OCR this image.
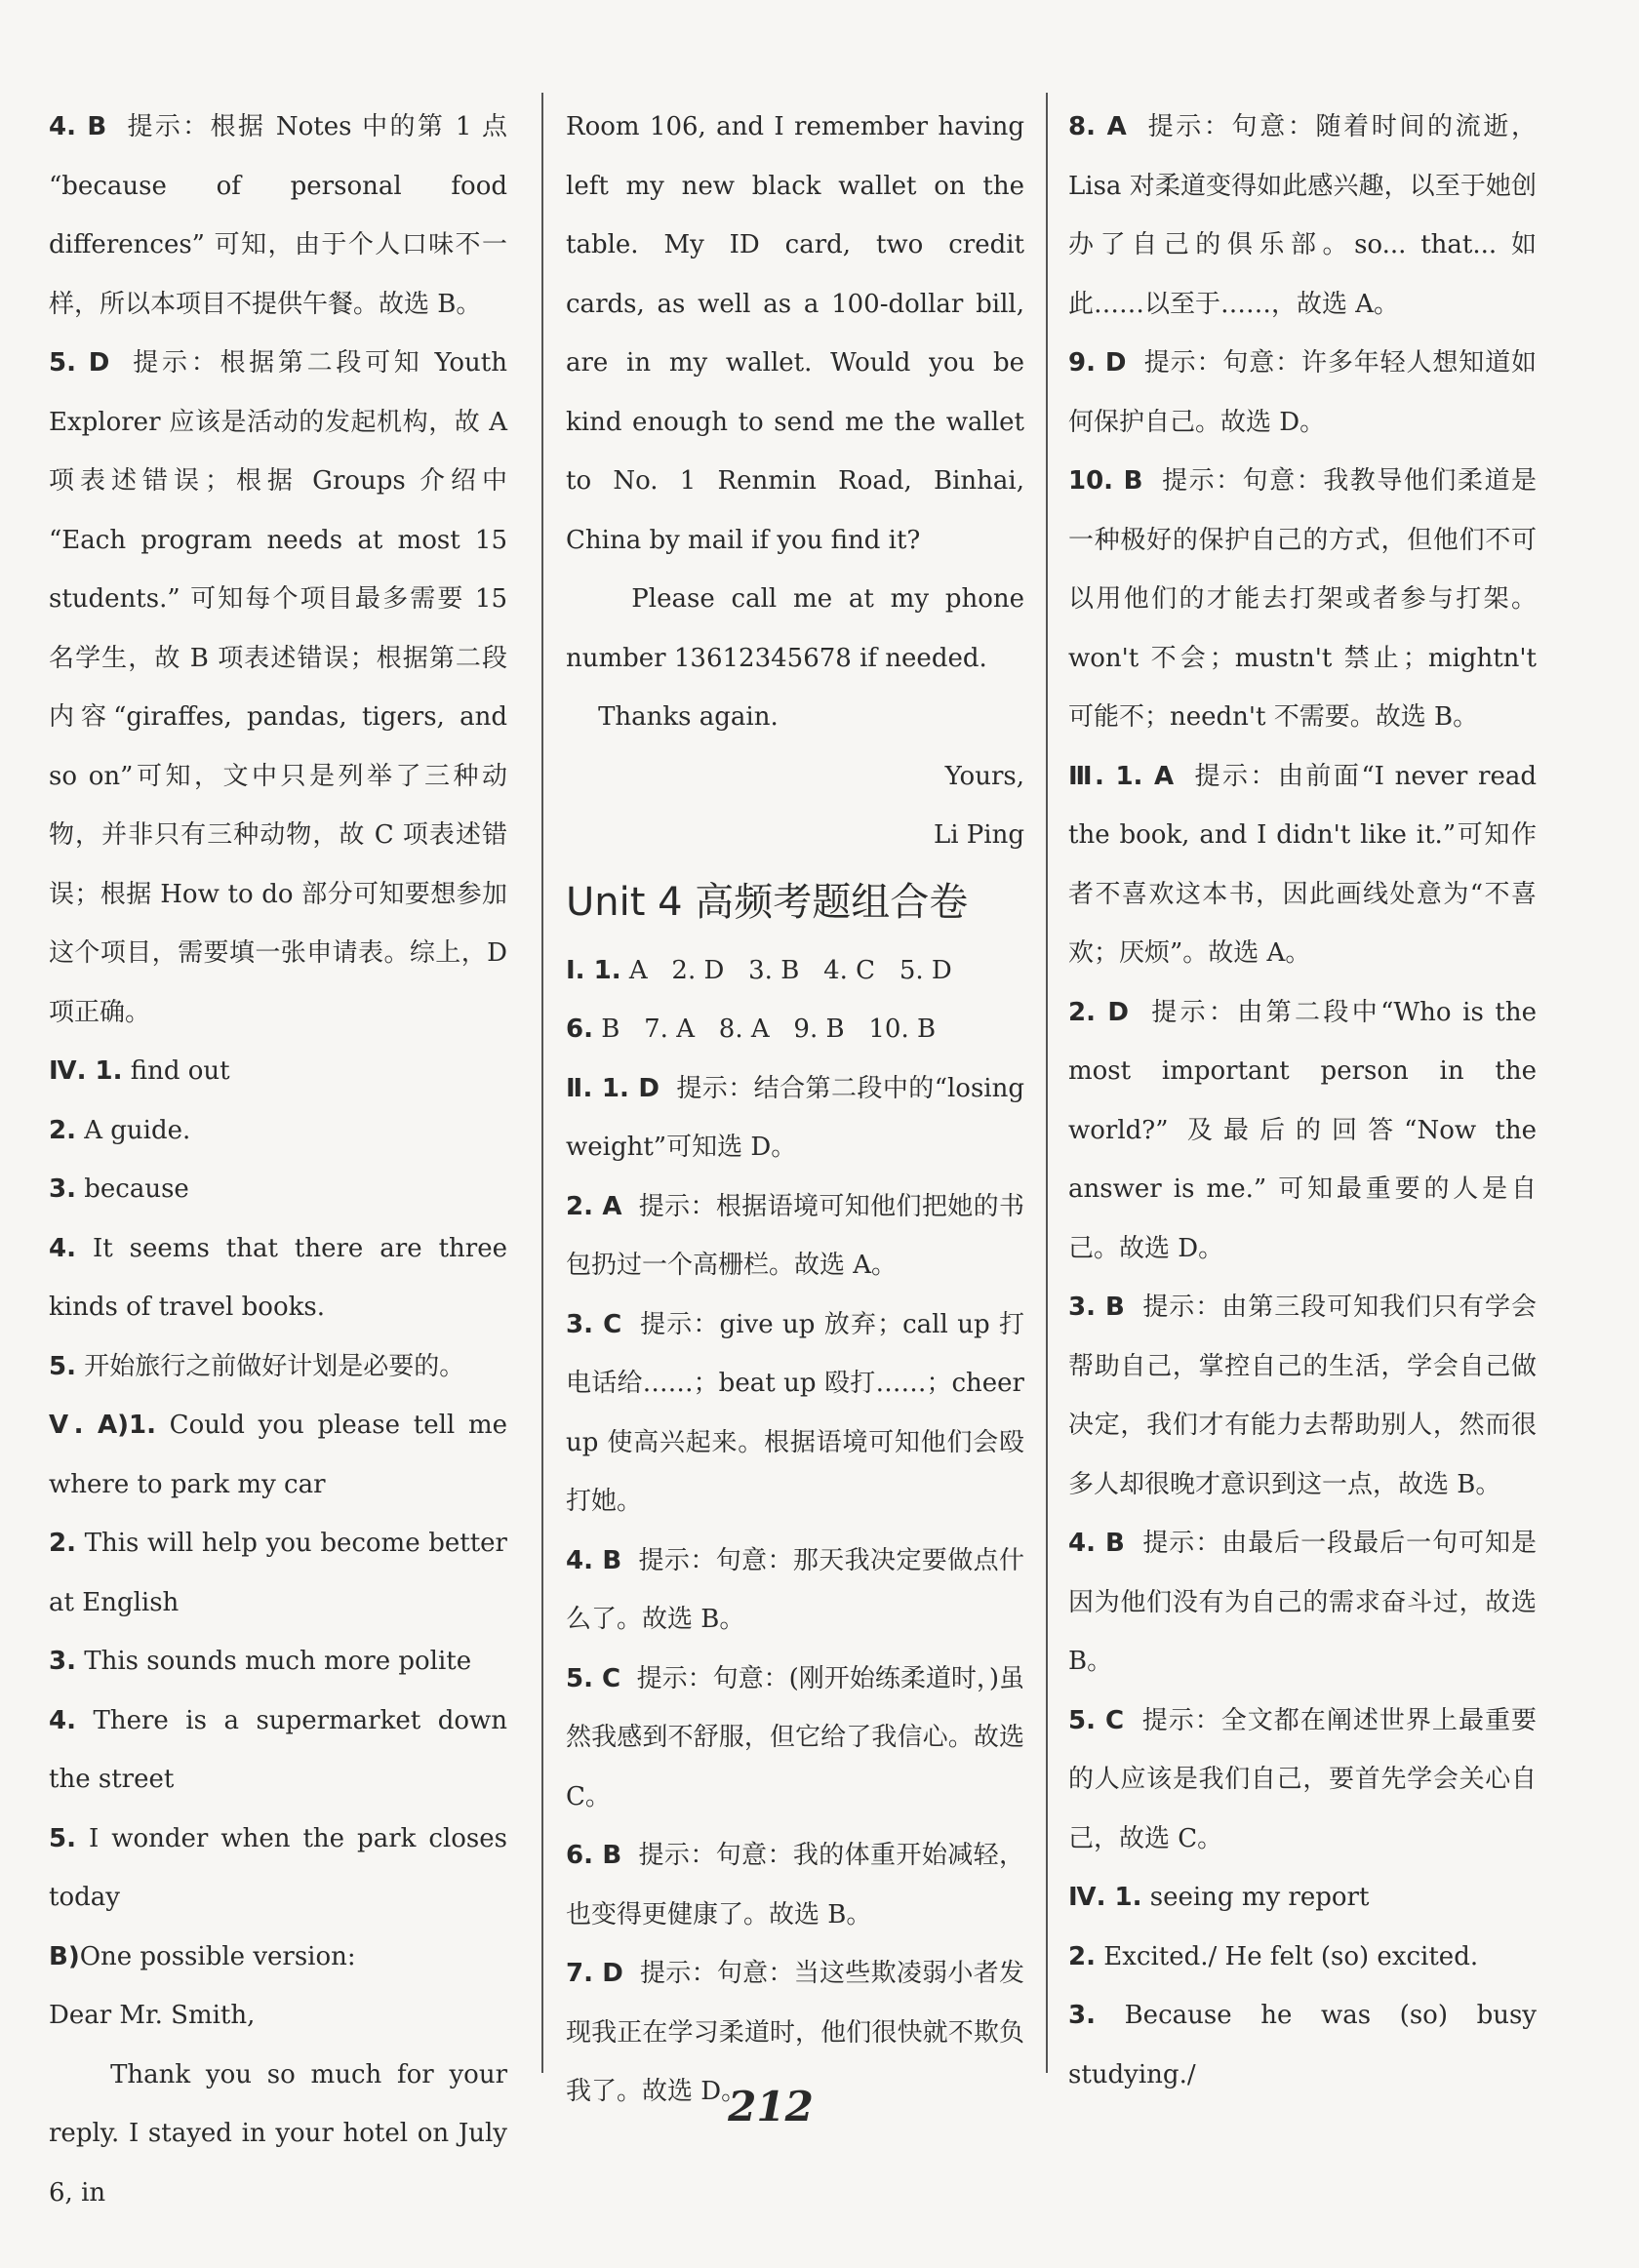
4. B  提示：根据 Notes 中的第 1 点 “because of personal food differences” 可知，由于个人口味不一样，所以本项目不提供午餐。故选 B。

5. D  提示：根据第二段可知 Youth Explorer 应该是活动的发起机构，故 A 项表述错误；根据 Groups 介绍中 “Each program needs at most 15 students.” 可知每个项目最多需要 15 名学生，故 B 项表述错误；根据第二段内容“giraffes, pandas, tigers, and so on”可知，文中只是列举了三种动物，并非只有三种动物，故 C 项表述错误；根据 How to do 部分可知要想参加这个项目，需要填一张申请表。综上，D 项正确。

Ⅳ. 1. find out

2. A guide.

3. because

4. It seems that there are three kinds of travel books.

5. 开始旅行之前做好计划是必要的。

Ⅴ. A)1. Could you please tell me where to park my car

2. This will help you become better at English

3. This sounds much more polite

4. There is a supermarket down the street

5. I wonder when the park closes today

B)One possible version:

Dear Mr. Smith,

Thank you so much for your reply. I stayed in your hotel on July 6, in

Room 106, and I remember having left my new black wallet on the table. My ID card, two credit cards, as well as a 100-dollar bill, are in my wallet. Would you be kind enough to send me the wallet to No. 1 Renmin Road, Binhai, China by mail if you find it?

Please call me at my phone number 13612345678 if needed.

Thanks again.

Yours,

Li Ping

Unit 4 高频考题组合卷

Ⅰ. 1. A   2. D   3. B   4. C   5. D

6. B   7. A   8. A   9. B   10. B

Ⅱ. 1. D  提示：结合第二段中的“losing weight”可知选 D。

2. A  提示：根据语境可知他们把她的书包扔过一个高栅栏。故选 A。

3. C  提示：give up 放弃；call up 打电话给……；beat up 殴打……；cheer up 使高兴起来。根据语境可知他们会殴打她。

4. B  提示：句意：那天我决定要做点什么了。故选 B。

5. C  提示：句意：(刚开始练柔道时，)虽然我感到不舒服，但它给了我信心。故选 C。

6. B  提示：句意：我的体重开始减轻，也变得更健康了。故选 B。

7. D  提示：句意：当这些欺凌弱小者发现我正在学习柔道时，他们很快就不欺负我了。故选 D。

8. A  提示：句意：随着时间的流逝，Lisa 对柔道变得如此感兴趣，以至于她创办了自己的俱乐部。so... that... 如此……以至于……，故选 A。

9. D  提示：句意：许多年轻人想知道如何保护自己。故选 D。

10. B  提示：句意：我教导他们柔道是一种极好的保护自己的方式，但他们不可以用他们的才能去打架或者参与打架。won't 不会；mustn't 禁止；mightn't 可能不；needn't 不需要。故选 B。

Ⅲ. 1. A  提示：由前面“I never read the book, and I didn't like it.”可知作者不喜欢这本书，因此画线处意为“不喜欢；厌烦”。故选 A。

2. D  提示：由第二段中“Who is the most important person in the world?” 及最后的回答“Now the answer is me.” 可知最重要的人是自己。故选 D。

3. B  提示：由第三段可知我们只有学会帮助自己，掌控自己的生活，学会自己做决定，我们才有能力去帮助别人，然而很多人却很晚才意识到这一点，故选 B。

4. B  提示：由最后一段最后一句可知是因为他们没有为自己的需求奋斗过，故选 B。

5. C  提示：全文都在阐述世界上最重要的人应该是我们自己，要首先学会关心自己，故选 C。

Ⅳ. 1. seeing my report

2. Excited./ He felt (so) excited.

3. Because he was (so) busy studying./

212
